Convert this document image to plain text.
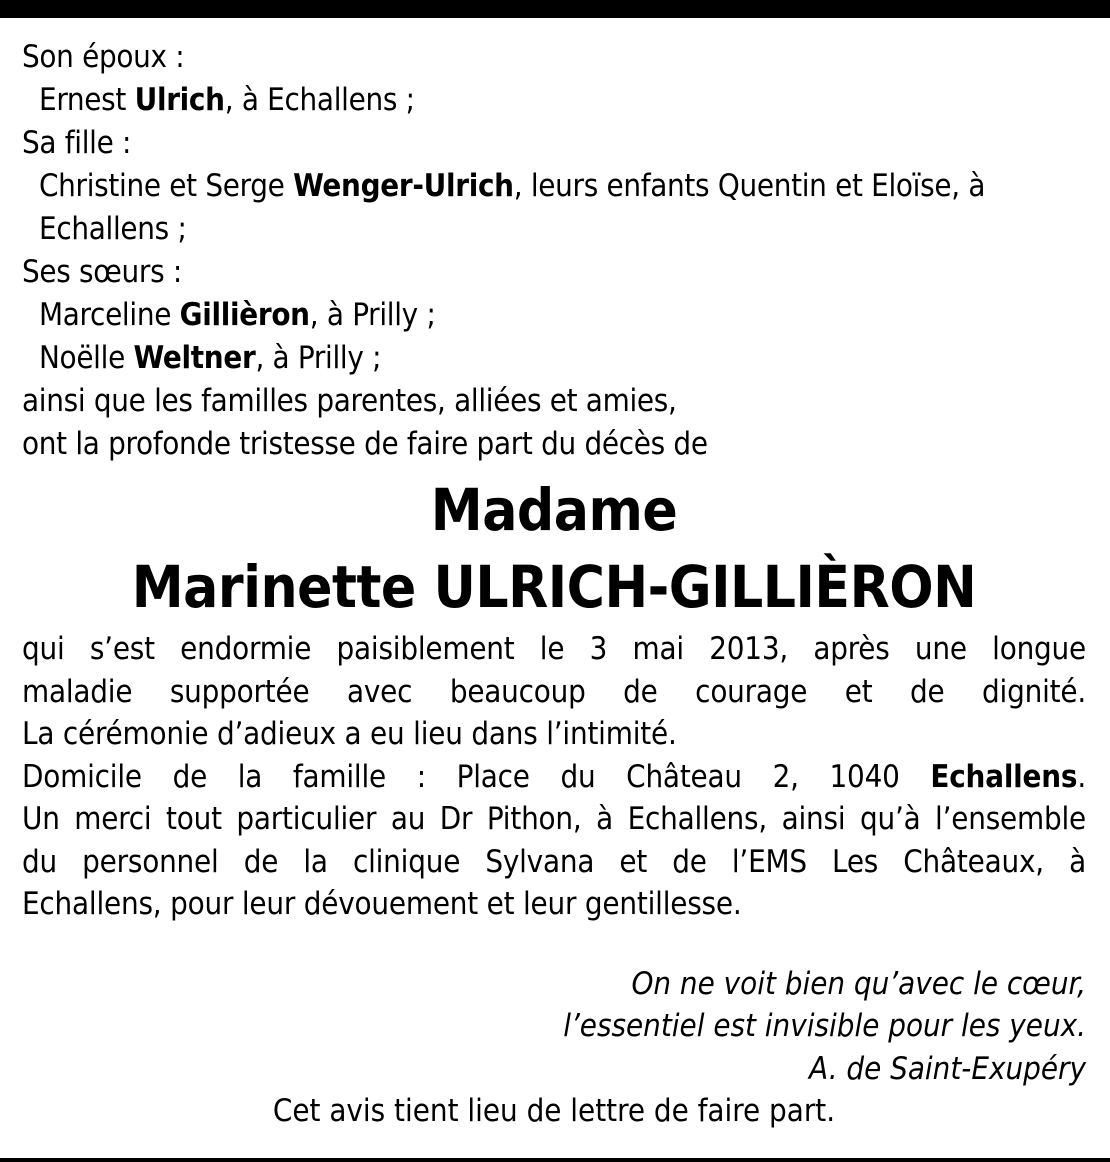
Son époux :
Ernest Ulrich, à Echallens ;
Sa fille :
Christine et Serge Wenger-Ulrich, leurs enfants Quentin et Eloïse, à
Echallens ;
Ses sœurs :
Marceline Gillièron, à Prilly ;
Noëlle Weltner, à Prilly ;
ainsi que les familles parentes, alliées et amies,
ont la profonde tristesse de faire part du décès de
Madame
Marinette ULRICH-GILLIÈRON
qui s’est endormie paisiblement le 3 mai 2013, après une longue
maladie supportée avec beaucoup de courage et de dignité.
La cérémonie d’adieux a eu lieu dans l’intimité.
Domicile de la famille : Place du Château 2, 1040 Echallens.
Un merci tout particulier au Dr Pithon, à Echallens, ainsi qu’à l’ensemble
du personnel de la clinique Sylvana et de l’EMS Les Châteaux, à
Echallens, pour leur dévouement et leur gentillesse.
On ne voit bien qu’avec le cœur,
l’essentiel est invisible pour les yeux.
A. de Saint-Exupéry
Cet avis tient lieu de lettre de faire part.
